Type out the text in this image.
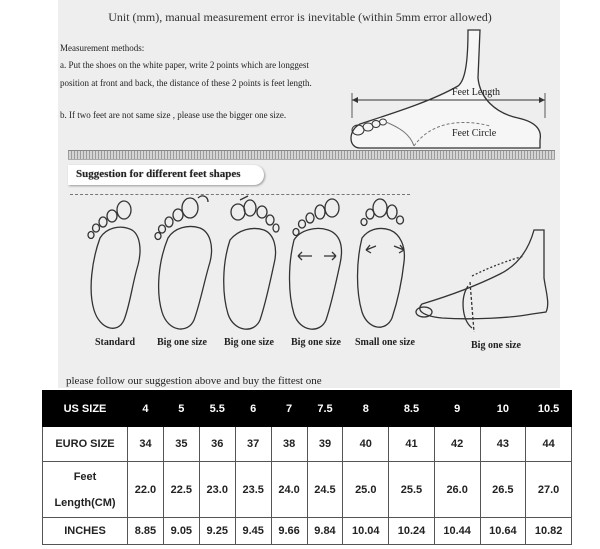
Unit (mm), manual measurement error is inevitable (within 5mm error allowed)
Measurement methods:
a. Put the shoes on the white paper, write 2 points which are longgest
position at front and back, the distance of these 2 points is feet length.
b. If two feet are not same size , please use the bigger one size.
Feet Length
Feet Circle
Suggestion for different feet shapes
Standard Big one size Big one size Big one size Small one size	Big one size
please follow our suggestion above and buy the fittest one
US SIZE	4	5	5.5	6	7	7.5	8	8.5	9	10	10.5
EURO SIZE	34	35	36	37	38	39	40	41	42	43	44

Feet
Length(CM)	22.0	22.5	23.0	23.5	24.0	24.5	25.0	25.5	26.0	26.5	27.0
INCHES	8.85	9.05	9.25	9.45	9.66	9.84	10.04	10.24	10.44	10.64	10.82
